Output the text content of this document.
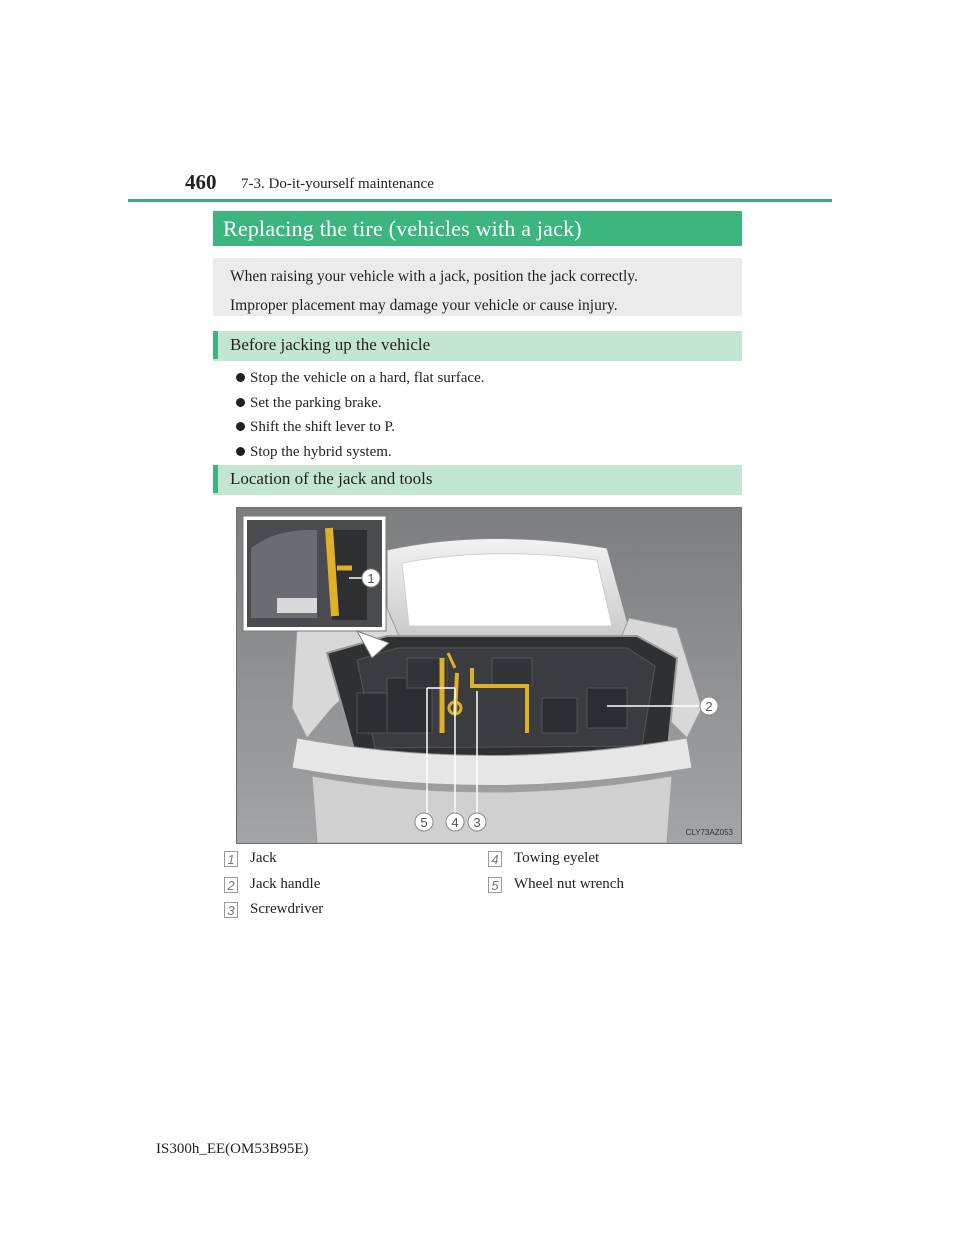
460 7-3. Do-it-yourself maintenance
Replacing the tire (vehicles with a jack)

When raising your vehicle with a jack, position the jack correctly.

Improper placement may damage your vehicle or cause injury.

Before jacking up the vehicle
Stop the vehicle on a hard, flat surface.
Set the parking brake.
Shift the shift lever to P.
Stop the hybrid system.
Location of the jack and tools
1
2
3
4
5
CLY73AZ053
1 Jack
2 Jack handle
3 Screwdriver
4 Towing eyelet
5 Wheel nut wrench
IS300h_EE(OM53B95E)
